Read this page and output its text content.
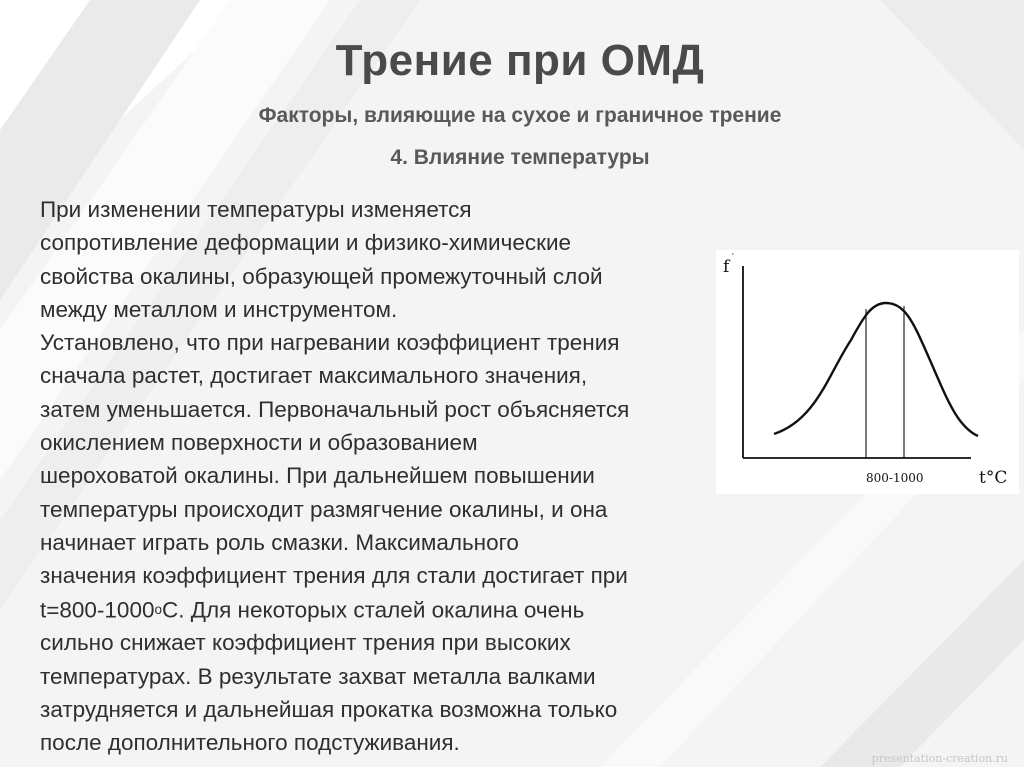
Трение при ОМД
Факторы, влияющие на сухое и граничное трение
4. Влияние температуры

При изменении температуры изменяется
сопротивление деформации и физико-химические
свойства окалины, образующей промежуточный слой
между металлом и инструментом.
Установлено, что при нагревании коэффициент трения
сначала растет, достигает максимального значения,
затем уменьшается. Первоначальный рост объясняется
окислением поверхности и образованием
шероховатой окалины. При дальнейшем повышении
температуры происходит размягчение окалины, и она
начинает играть роль смазки. Максимального
значения коэффициент трения для стали достигает при
$t=800-1000^oС$. Для некоторых сталей окалина очень
сильно снижает коэффициент трения при высоких
температурах. В результате захват металла валками
затрудняется и дальнейшая прокатка возможна только
после дополнительного подстуживания.

f `
800-1000	t°C
presentation-creation.ru
